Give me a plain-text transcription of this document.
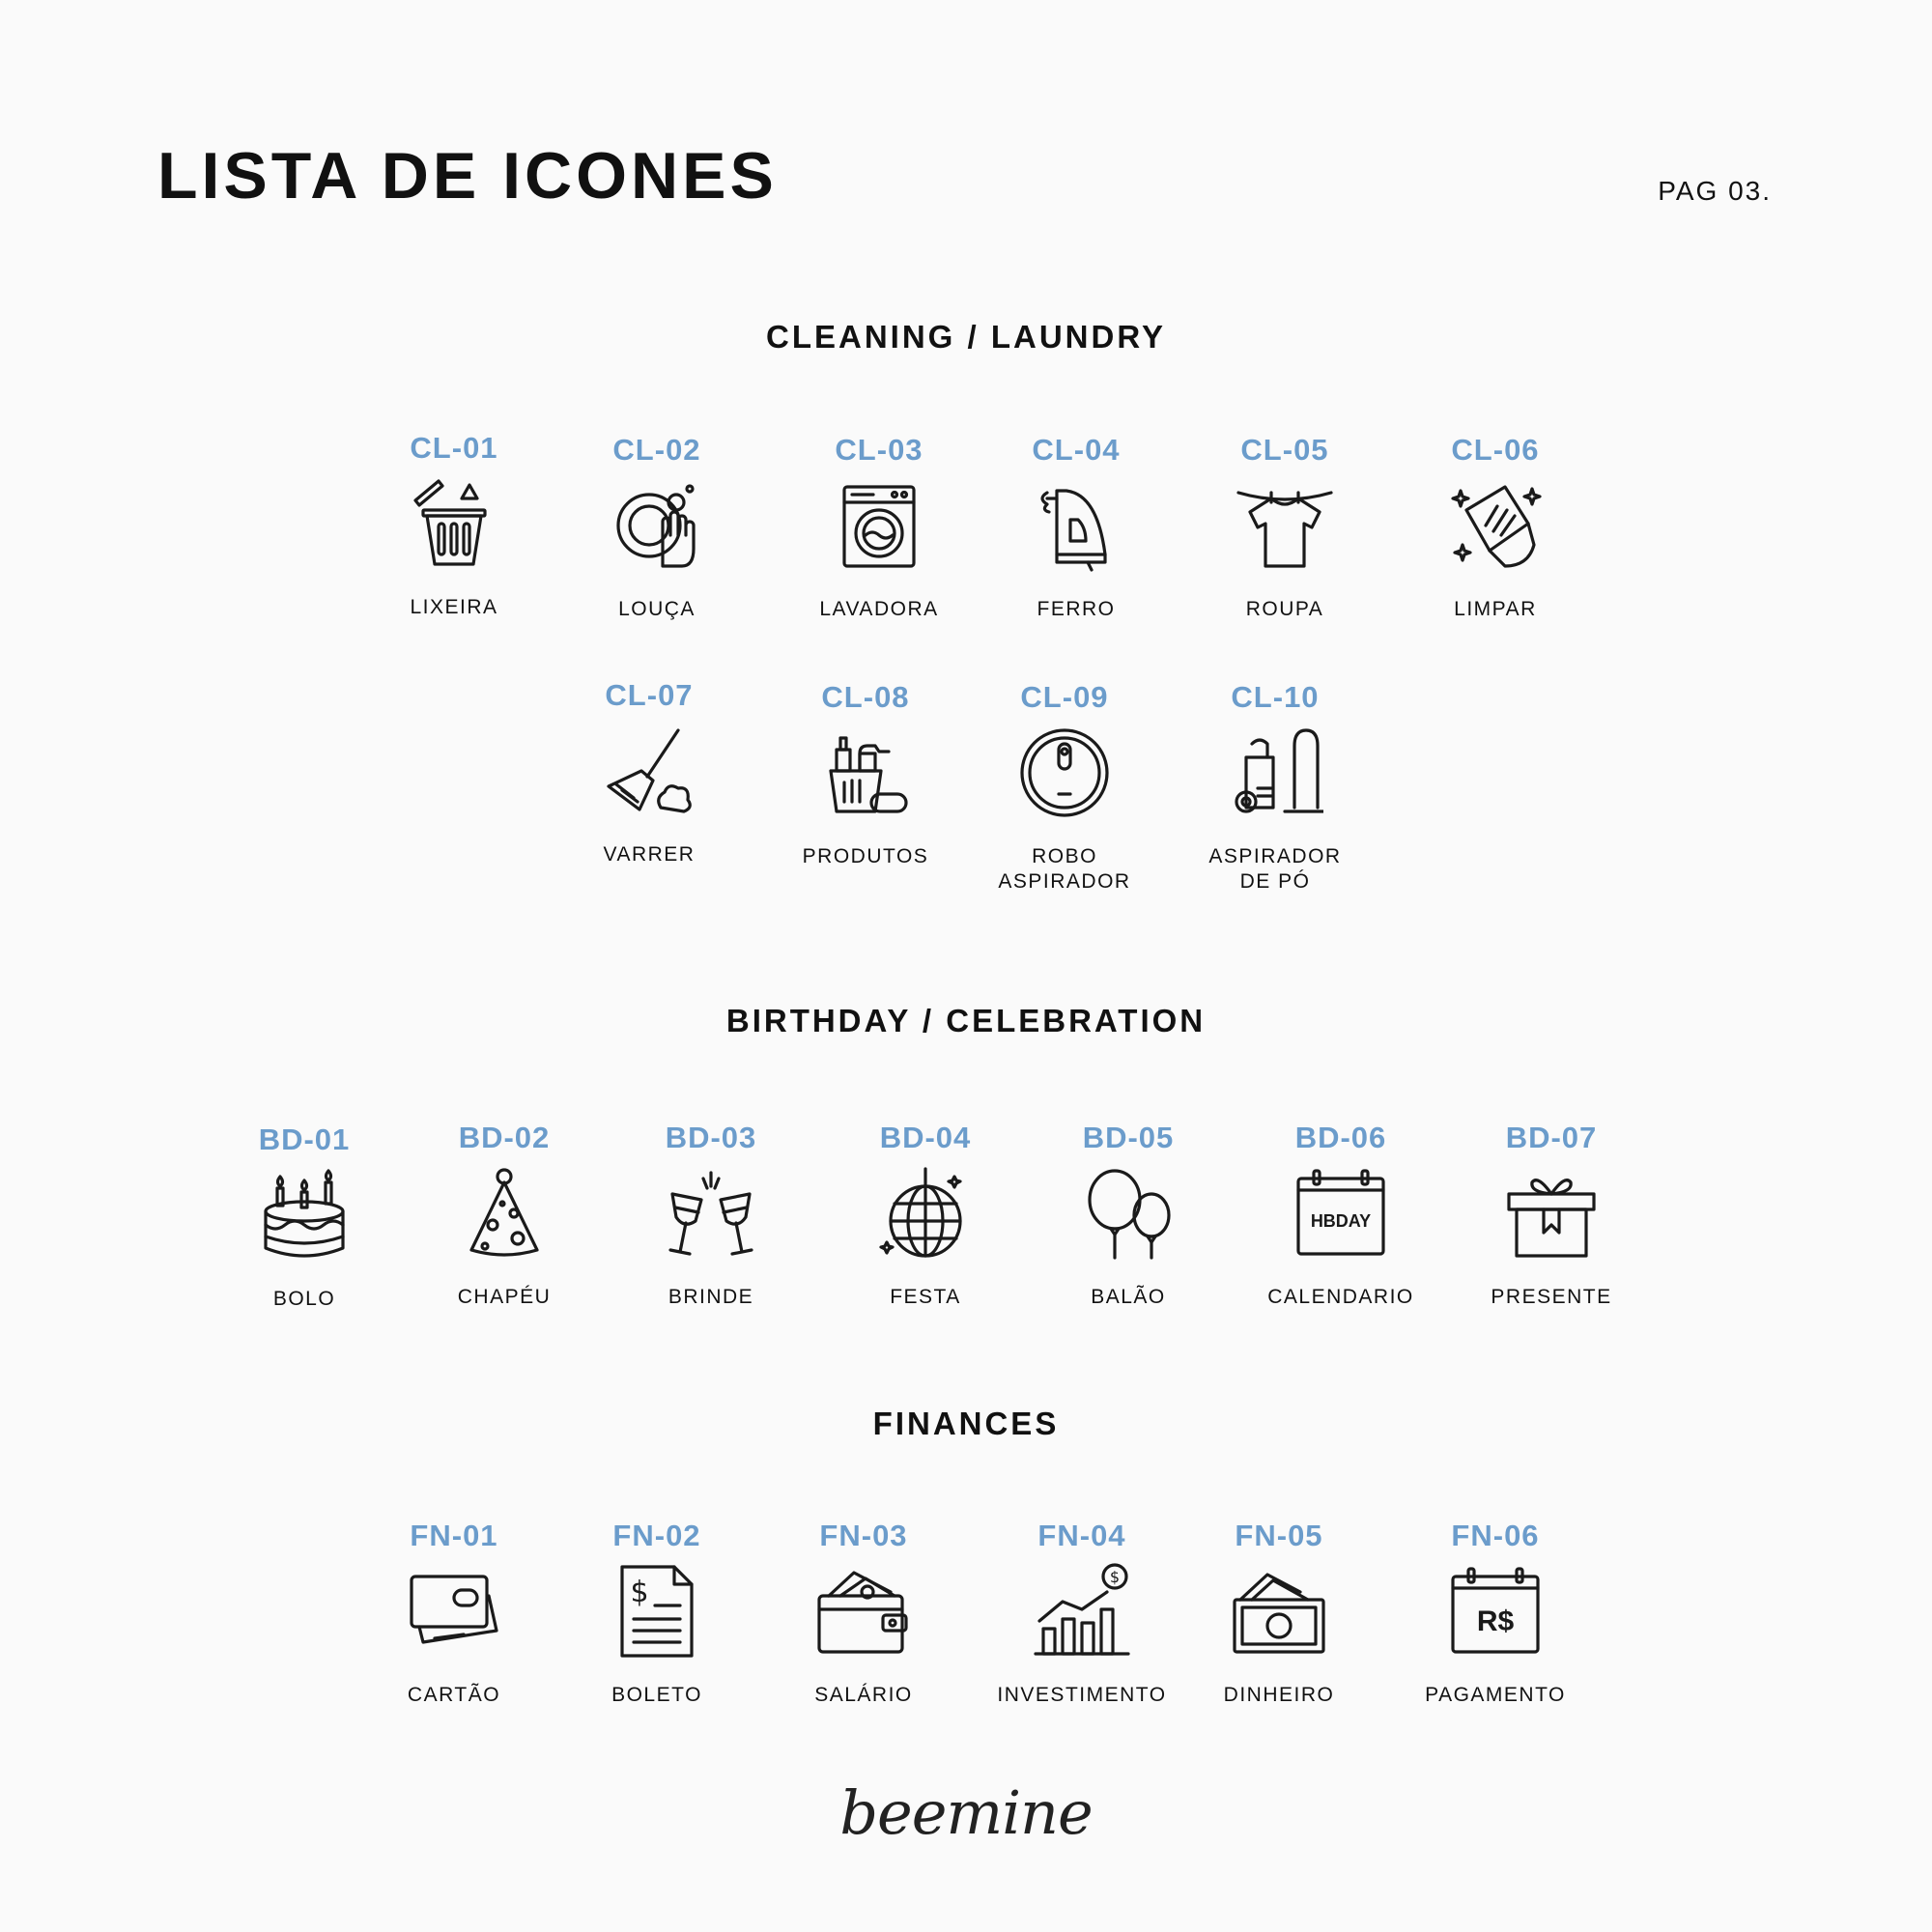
LISTA DE ICONES	PAG 03.
CLEANING / LAUNDRY
CL-01
LIXEIRA
CL-02
LOUÇA
CL-03
LAVADORA
CL-04
FERRO
CL-05
ROUPA
CL-06
LIMPAR
CL-07
VARRER
CL-08
PRODUTOS
CL-09
ROBO
ASPIRADOR
CL-10
ASPIRADOR
DE PÓ
BIRTHDAY / CELEBRATION
BD-01
BOLO
BD-02
CHAPÉU
BD-03
BRINDE
BD-04
FESTA
BD-05
BALÃO
BD-06
HBDAY
CALENDARIO
BD-07
PRESENTE
FINANCES
FN-01
CARTÃO
FN-02
$
BOLETO
FN-03
SALÁRIO
FN-04
$
INVESTIMENTO
FN-05
DINHEIRO
FN-06
R$
PAGAMENTO
beemine
